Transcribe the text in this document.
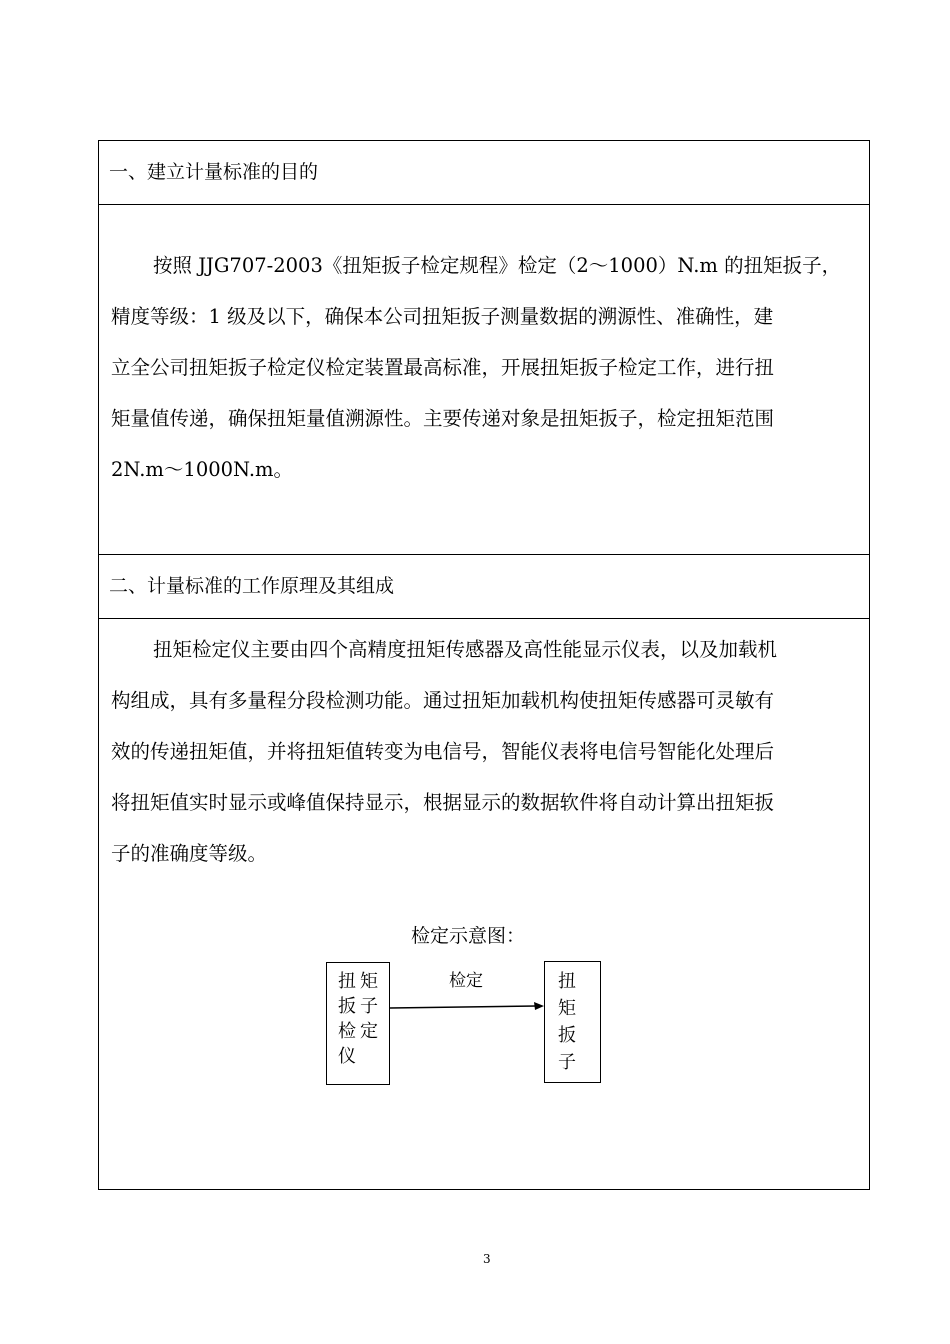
一、建立计量标准的目的
按照 JJG707-2003《扭矩扳子检定规程》检定（2～1000）N.m 的扭矩扳子，
精度等级：1 级及以下，确保本公司扭矩扳子测量数据的溯源性、准确性，建
立全公司扭矩扳子检定仪检定装置最高标准，开展扭矩扳子检定工作，进行扭
矩量值传递，确保扭矩量值溯源性。主要传递对象是扭矩扳子，检定扭矩范围
2N.m～1000N.m。
二、计量标准的工作原理及其组成
扭矩检定仪主要由四个高精度扭矩传感器及高性能显示仪表，以及加载机
构组成，具有多量程分段检测功能。通过扭矩加载机构使扭矩传感器可灵敏有
效的传递扭矩值，并将扭矩值转变为电信号，智能仪表将电信号智能化处理后
将扭矩值实时显示或峰值保持显示，根据显示的数据软件将自动计算出扭矩扳
子的准确度等级。
检定示意图：
扭矩
扳子
检定
仪
检定	扭
矩
扳
子
3
